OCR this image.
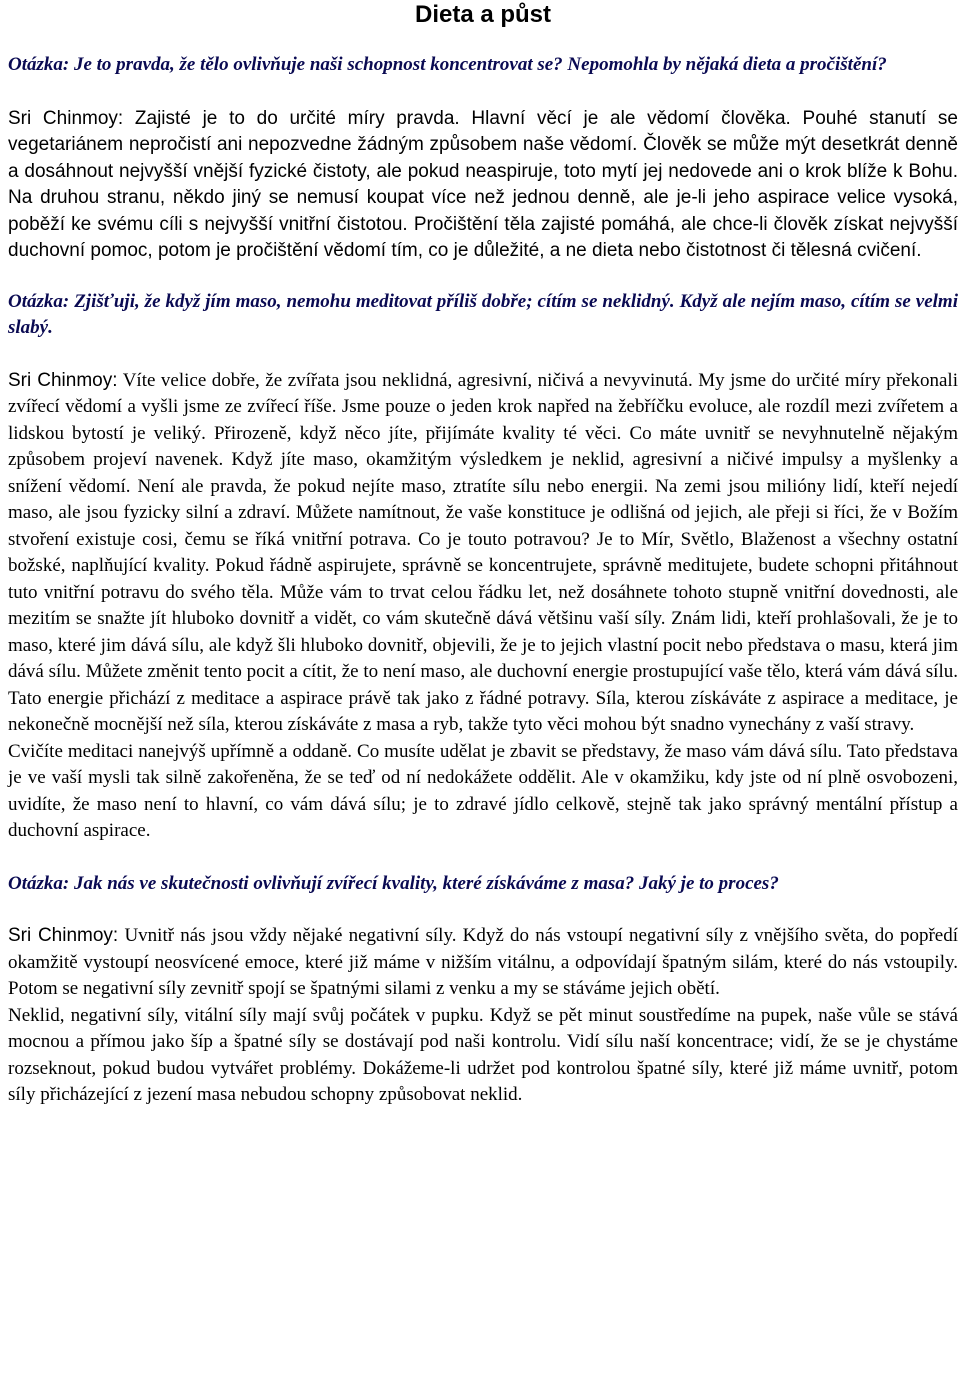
Dieta a půst

Otázka: Je to pravda, že tělo ovlivňuje naši schopnost koncentrovat se? Nepomohla by nějaká dieta a pročištění?

Sri Chinmoy: Zajisté je to do určité míry pravda. Hlavní věcí je ale vědomí člověka. Pouhé stanutí se vegetariánem nepročistí ani nepozvedne žádným způsobem naše vědomí. Člověk se může mýt desetkrát denně a dosáhnout nejvyšší vnější fyzické čistoty, ale pokud neaspiruje, toto mytí jej nedovede ani o krok blíže k Bohu. Na druhou stranu, někdo jiný se nemusí koupat více než jednou denně, ale je-li jeho aspirace velice vysoká, poběží ke svému cíli s nejvyšší vnitřní čistotou. Pročištění těla zajisté pomáhá, ale chce-li člověk získat nejvyšší duchovní pomoc, potom je pročištění vědomí tím, co je důležité, a ne dieta nebo čistotnost či tělesná cvičení.

Otázka: Zjišťuji, že když jím maso, nemohu meditovat příliš dobře; cítím se neklidný. Když ale nejím maso, cítím se velmi slabý.

Sri Chinmoy: Víte velice dobře, že zvířata jsou neklidná, agresivní, ničivá a nevyvinutá. My jsme do určité míry překonali zvířecí vědomí a vyšli jsme ze zvířecí říše. Jsme pouze o jeden krok napřed na žebříčku evoluce, ale rozdíl mezi zvířetem a lidskou bytostí je veliký. Přirozeně, když něco jíte, přijímáte kvality té věci. Co máte uvnitř se nevyhnutelně nějakým způsobem projeví navenek. Když jíte maso, okamžitým výsledkem je neklid, agresivní a ničivé impulsy a myšlenky a snížení vědomí. Není ale pravda, že pokud nejíte maso, ztratíte sílu nebo energii. Na zemi jsou milióny lidí, kteří nejedí maso, ale jsou fyzicky silní a zdraví. Můžete namítnout, že vaše konstituce je odlišná od jejich, ale přeji si říci, že v Božím stvoření existuje cosi, čemu se říká vnitřní potrava. Co je touto potravou? Je to Mír, Světlo, Blaženost a všechny ostatní božské, naplňující kvality. Pokud řádně aspirujete, správně se koncentrujete, správně meditujete, budete schopni přitáhnout tuto vnitřní potravu do svého těla. Může vám to trvat celou řádku let, než dosáhnete tohoto stupně vnitřní dovednosti, ale mezitím se snažte jít hluboko dovnitř a vidět, co vám skutečně dává většinu vaší síly. Znám lidi, kteří prohlašovali, že je to maso, které jim dává sílu, ale když šli hluboko dovnitř, objevili, že je to jejich vlastní pocit nebo představa o masu, která jim dává sílu. Můžete změnit tento pocit a cítit, že to není maso, ale duchovní energie prostupující vaše tělo, která vám dává sílu. Tato energie přichází z meditace a aspirace právě tak jako z řádné potravy. Síla, kterou získáváte z aspirace a meditace, je nekonečně mocnější než síla, kterou získáváte z masa a ryb, takže tyto věci mohou být snadno vynechány z vaší stravy.

Cvičíte meditaci nanejvýš upřímně a oddaně. Co musíte udělat je zbavit se představy, že maso vám dává sílu. Tato představa je ve vaší mysli tak silně zakořeněna, že se teď od ní nedokážete oddělit. Ale v okamžiku, kdy jste od ní plně osvobozeni, uvidíte, že maso není to hlavní, co vám dává sílu; je to zdravé jídlo celkově, stejně tak jako správný mentální přístup a duchovní aspirace.

Otázka: Jak nás ve skutečnosti ovlivňují zvířecí kvality, které získáváme z masa? Jaký je to proces?

Sri Chinmoy: Uvnitř nás jsou vždy nějaké negativní síly. Když do nás vstoupí negativní síly z vnějšího světa, do popředí okamžitě vystoupí neosvícené emoce, které již máme v nižším vitálnu, a odpovídají špatným silám, které do nás vstoupily. Potom se negativní síly zevnitř spojí se špatnými silami z venku a my se stáváme jejich obětí.

Neklid, negativní síly, vitální síly mají svůj počátek v pupku. Když se pět minut soustředíme na pupek, naše vůle se stává mocnou a přímou jako šíp a špatné síly se dostávají pod naši kontrolu. Vidí sílu naší koncentrace; vidí, že se je chystáme rozseknout, pokud budou vytvářet problémy. Dokážeme-li udržet pod kontrolou špatné síly, které již máme uvnitř, potom síly přicházející z jezení masa nebudou schopny způsobovat neklid.
